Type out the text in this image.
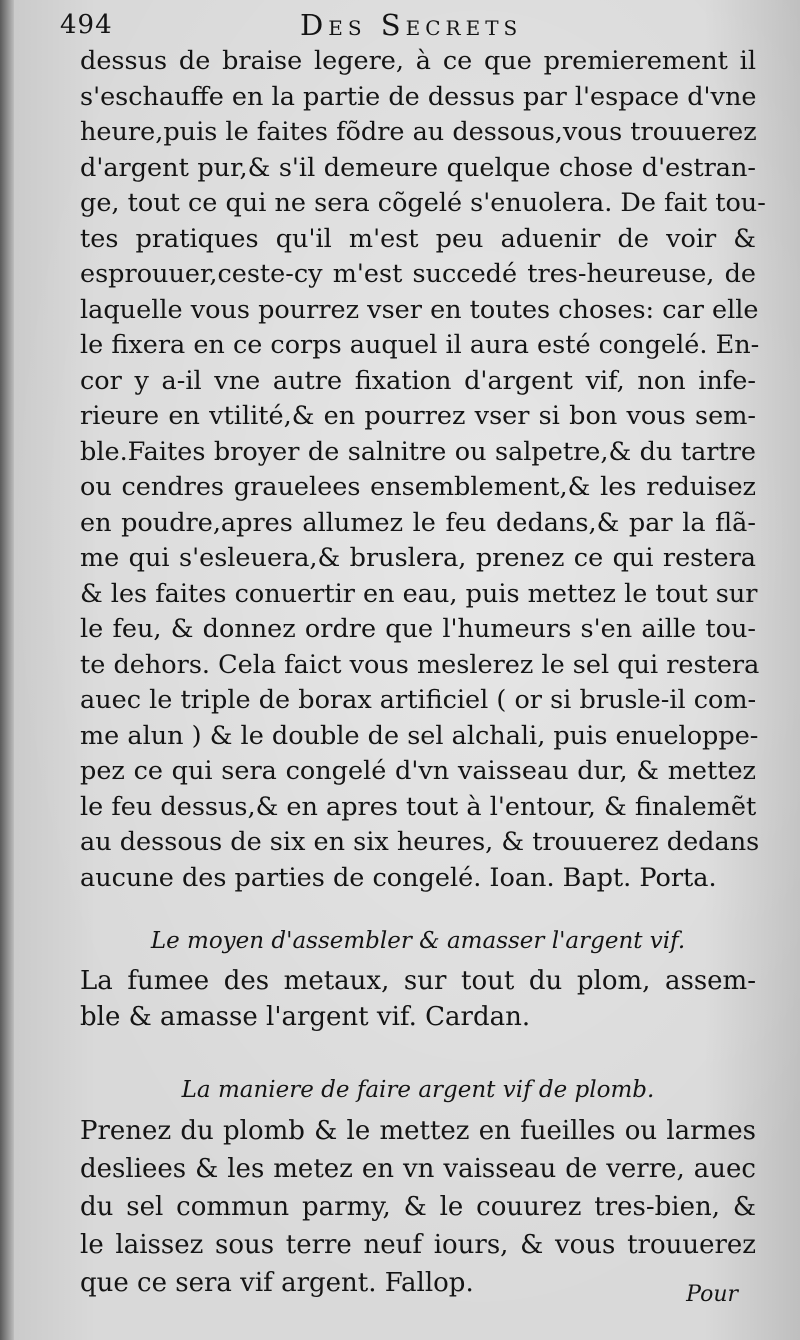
494	Des Secrets
dessus de braise legere, à ce que premierement il
s'eschauffe en la partie de dessus par l'espace d'vne
heure,puis le faites fõdre au dessous,vous trouuerez
d'argent pur,& s'il demeure quelque chose d'estran-
ge, tout ce qui ne sera cõgelé s'enuolera. De fait tou-
tes pratiques qu'il m'est peu aduenir de voir &
esprouuer,ceste-cy m'est succedé tres-heureuse, de
laquelle vous pourrez vser en toutes choses: car elle
le fixera en ce corps auquel il aura esté congelé. En-
cor y a-il vne autre fixation d'argent vif, non infe-
rieure en vtilité,& en pourrez vser si bon vous sem-
ble.Faites broyer de salnitre ou salpetre,& du tartre
ou cendres grauelees ensemblement,& les reduisez
en poudre,apres allumez le feu dedans,& par la flã-
me qui s'esleuera,& bruslera, prenez ce qui restera
& les faites conuertir en eau, puis mettez le tout sur
le feu, & donnez ordre que l'humeurs s'en aille tou-
te dehors. Cela faict vous meslerez le sel qui restera
auec le triple de borax artificiel ( or si brusle-il com-
me alun ) & le double de sel alchali, puis enueloppe-
pez ce qui sera congelé d'vn vaisseau dur, & mettez
le feu dessus,& en apres tout à l'entour, & finalemẽt
au dessous de six en six heures, & trouuerez dedans
aucune des parties de congelé. Ioan. Bapt. Porta.
Le moyen d'assembler & amasser l'argent vif.
La fumee des metaux, sur tout du plom, assem-
ble & amasse l'argent vif. Cardan.
La maniere de faire argent vif de plomb.
Prenez du plomb & le mettez en fueilles ou larmes
desliees & les metez en vn vaisseau de verre, auec
du sel commun parmy, & le couurez tres-bien, &
le laissez sous terre neuf iours, & vous trouuerez
que ce sera vif argent. Fallop.	Pour
